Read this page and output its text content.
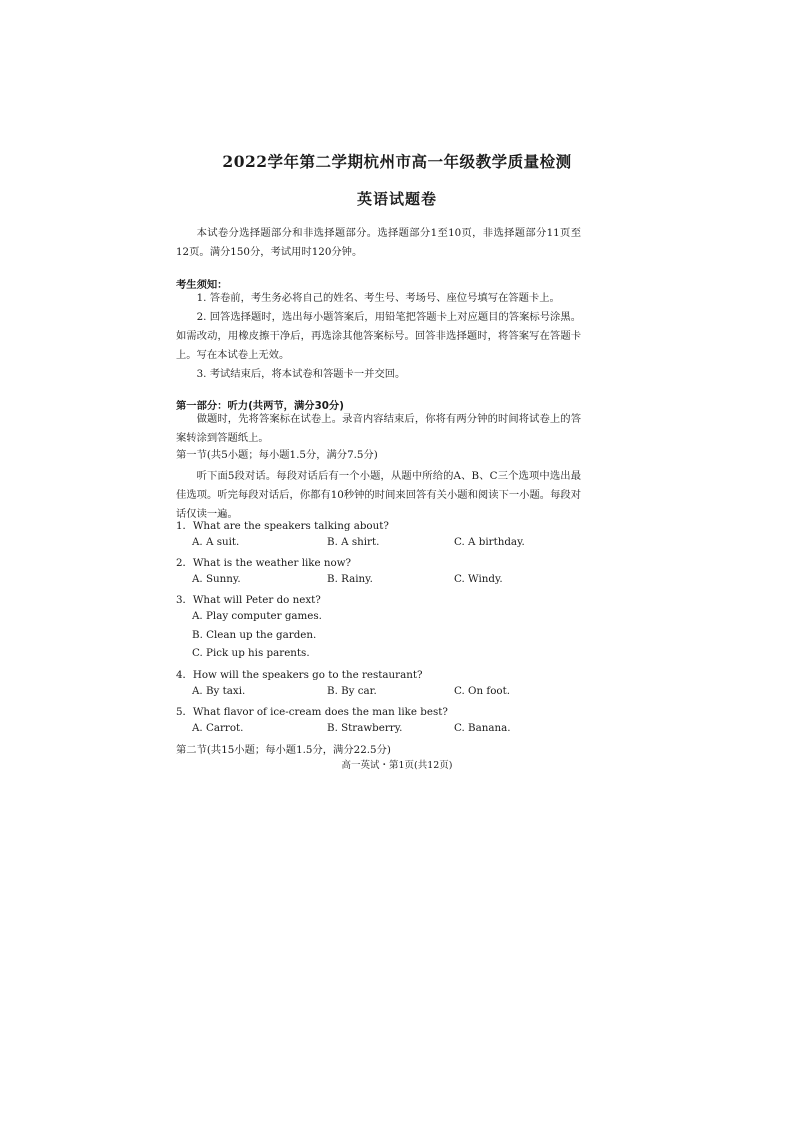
2022学年第二学期杭州市高一年级教学质量检测
英语试题卷
本试卷分选择题部分和非选择题部分。选择题部分1至10页，非选择题部分11页至12页。满分150分，考试用时120分钟。
考生须知：
1. 答卷前，考生务必将自己的姓名、考生号、考场号、座位号填写在答题卡上。
2. 回答选择题时，选出每小题答案后，用铅笔把答题卡上对应题目的答案标号涂黑。如需改动，用橡皮擦干净后，再选涂其他答案标号。回答非选择题时，将答案写在答题卡上。写在本试卷上无效。
3. 考试结束后，将本试卷和答题卡一并交回。
第一部分：听力(共两节，满分30分)
做题时，先将答案标在试卷上。录音内容结束后，你将有两分钟的时间将试卷上的答案转涂到答题纸上。
第一节(共5小题；每小题1.5分，满分7.5分)
听下面5段对话。每段对话后有一个小题，从题中所给的A、B、C三个选项中选出最佳选项。听完每段对话后，你都有10秒钟的时间来回答有关小题和阅读下一小题。每段对话仅读一遍。
1．What are the speakers talking about?
A. A suit.	B. A shirt.	C. A birthday.
2．What is the weather like now?
A. Sunny.	B. Rainy.	C. Windy.
3．What will Peter do next?
A. Play computer games.
B. Clean up the garden.
C. Pick up his parents.
4．How will the speakers go to the restaurant?
A. By taxi.	B. By car.	C. On foot.
5．What flavor of ice-cream does the man like best?
A. Carrot.	B. Strawberry.	C. Banana.
第二节(共15小题；每小题1.5分，满分22.5分)
高一英试・第1页(共12页)
